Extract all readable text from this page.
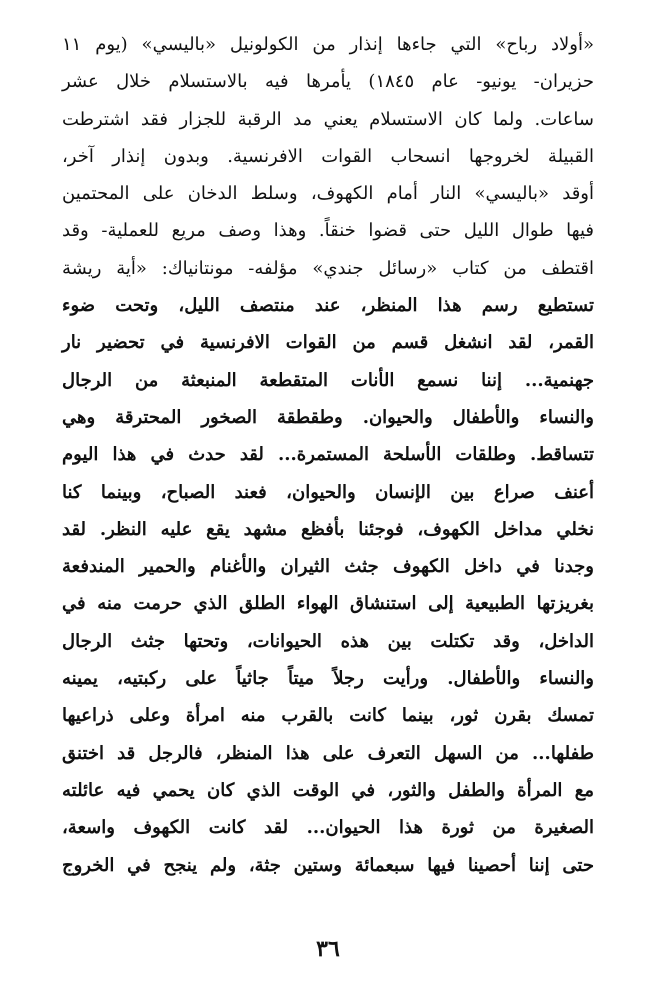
«أولاد رباح» التي جاءها إنذار من الكولونيل «باليسي» (يوم ١١
حزيران- يونيو- عام ١٨٤٥) يأمرها فيه بالاستسلام خلال عشر
ساعات. ولما كان الاستسلام يعني مد الرقبة للجزار فقد اشترطت
القبيلة لخروجها انسحاب القوات الافرنسية. وبدون إنذار آخر،
أوقد «باليسي» النار أمام الكهوف، وسلط الدخان على المحتمين
فيها طوال الليل حتى قضوا خنقاً. وهذا وصف مريع للعملية- وقد
اقتطف من كتاب «رسائل جندي» مؤلفه- مونتانياك: «أية ريشة
تستطيع رسم هذا المنظر، عند منتصف الليل، وتحت ضوء
القمر، لقد انشغل قسم من القوات الافرنسية في تحضير نار
جهنمية... إننا نسمع الأنات المتقطعة المنبعثة من الرجال
والنساء والأطفال والحيوان. وطقطقة الصخور المحترقة وهي
تتساقط. وطلقات الأسلحة المستمرة... لقد حدث في هذا اليوم
أعنف صراع بين الإنسان والحيوان، فعند الصباح، وبينما كنا
نخلي مداخل الكهوف، فوجئنا بأفظع مشهد يقع عليه النظر. لقد
وجدنا في داخل الكهوف جثث الثيران والأغنام والحمير المندفعة
بغريزتها الطبيعية إلى استنشاق الهواء الطلق الذي حرمت منه في
الداخل، وقد تكتلت بين هذه الحيوانات، وتحتها جثث الرجال
والنساء والأطفال. ورأيت رجلاً ميتاً جاثياً على ركبتيه، يمينه
تمسك بقرن ثور، بينما كانت بالقرب منه امرأة وعلى ذراعيها
طفلها... من السهل التعرف على هذا المنظر، فالرجل قد اختنق
مع المرأة والطفل والثور، في الوقت الذي كان يحمي فيه عائلته
الصغيرة من ثورة هذا الحيوان... لقد كانت الكهوف واسعة،
حتى إننا أحصينا فيها سبعمائة وستين جثة، ولم ينجح في الخروج
٣٦
